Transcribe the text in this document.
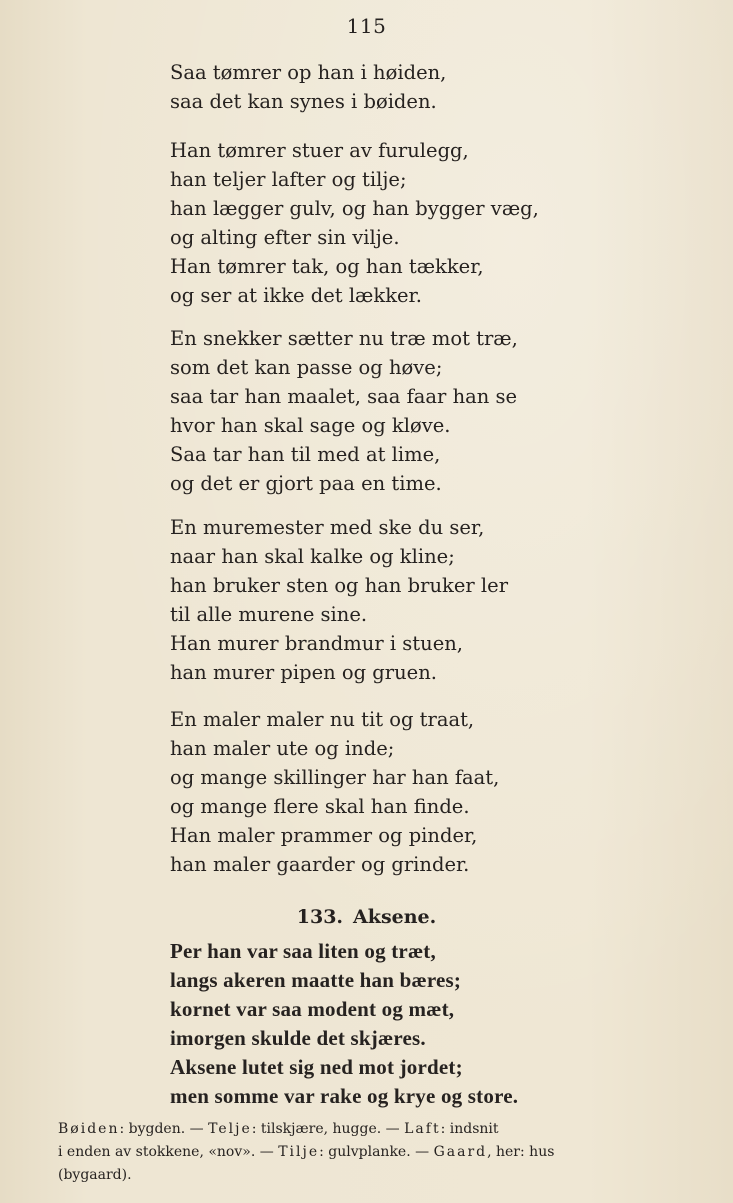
115
Saa tømrer op han i høiden,
saa det kan synes i bøiden.
Han tømrer stuer av furulegg,
han teljer lafter og tilje;
han lægger gulv, og han bygger væg,
og alting efter sin vilje.
Han tømrer tak, og han tækker,
og ser at ikke det lækker.
En snekker sætter nu træ mot træ,
som det kan passe og høve;
saa tar han maalet, saa faar han se
hvor han skal sage og kløve.
Saa tar han til med at lime,
og det er gjort paa en time.
En muremester med ske du ser,
naar han skal kalke og kline;
han bruker sten og han bruker ler
til alle murene sine.
Han murer brandmur i stuen,
han murer pipen og gruen.
En maler maler nu tit og traat,
han maler ute og inde;
og mange skillinger har han faat,
og mange flere skal han finde.
Han maler prammer og pinder,
han maler gaarder og grinder.
133. Aksene.
Per han var saa liten og træt,
langs akeren maatte han bæres;
kornet var saa modent og mæt,
imorgen skulde det skjæres.
Aksene lutet sig ned mot jordet;
men somme var rake og krye og store.
Bøiden: bygden. — Telje: tilskjære, hugge. — Laft: indsnit
i enden av stokkene, «nov». — Tilje: gulvplanke. — Gaard, her: hus
(bygaard).
